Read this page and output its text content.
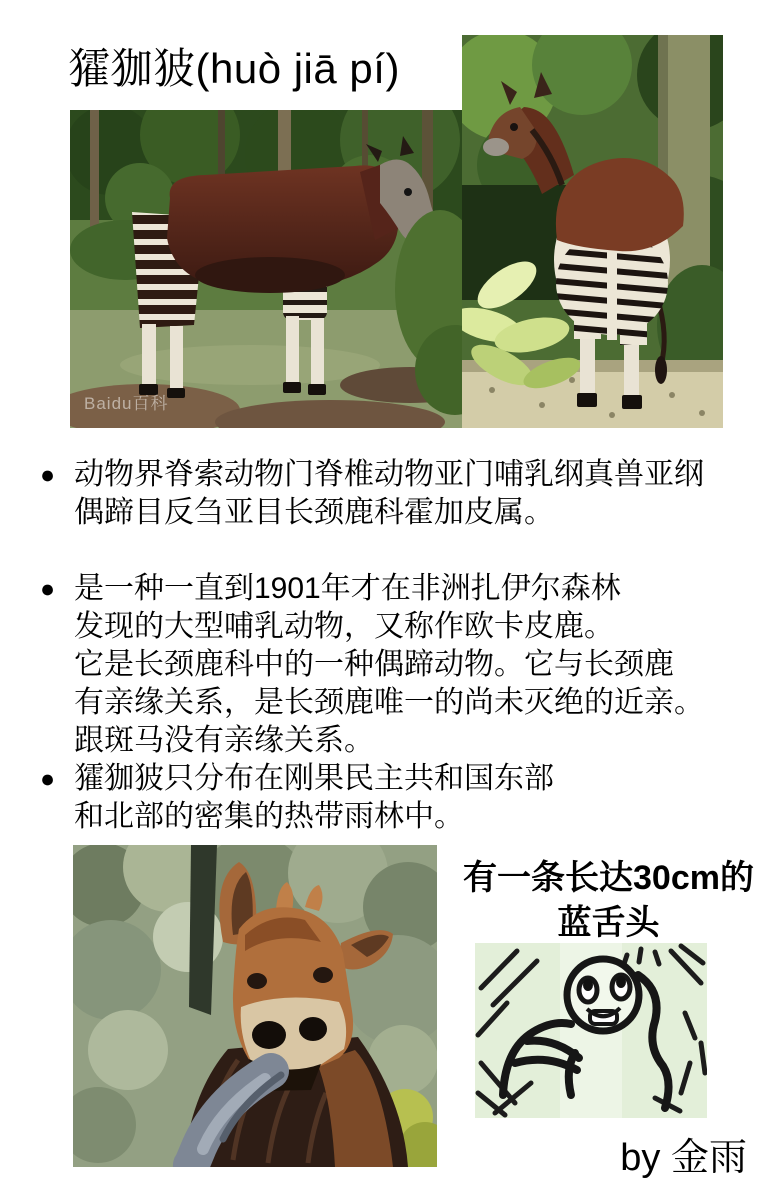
㺢㹢狓(huò jiā pí)
Baidu百科
● 动物界脊索动物门脊椎动物亚门哺乳纲真兽亚纲
偶蹄目反刍亚目长颈鹿科霍加皮属。
● 是一种一直到1901年才在非洲扎伊尔森林
发现的大型哺乳动物，又称作欧卡皮鹿。
它是长颈鹿科中的一种偶蹄动物。它与长颈鹿
有亲缘关系，是长颈鹿唯一的尚未灭绝的近亲。
跟斑马没有亲缘关系。
● 㺢㹢狓只分布在刚果民主共和国东部
和北部的密集的热带雨林中。
有一条长达30cm的
蓝舌头
by 金雨
